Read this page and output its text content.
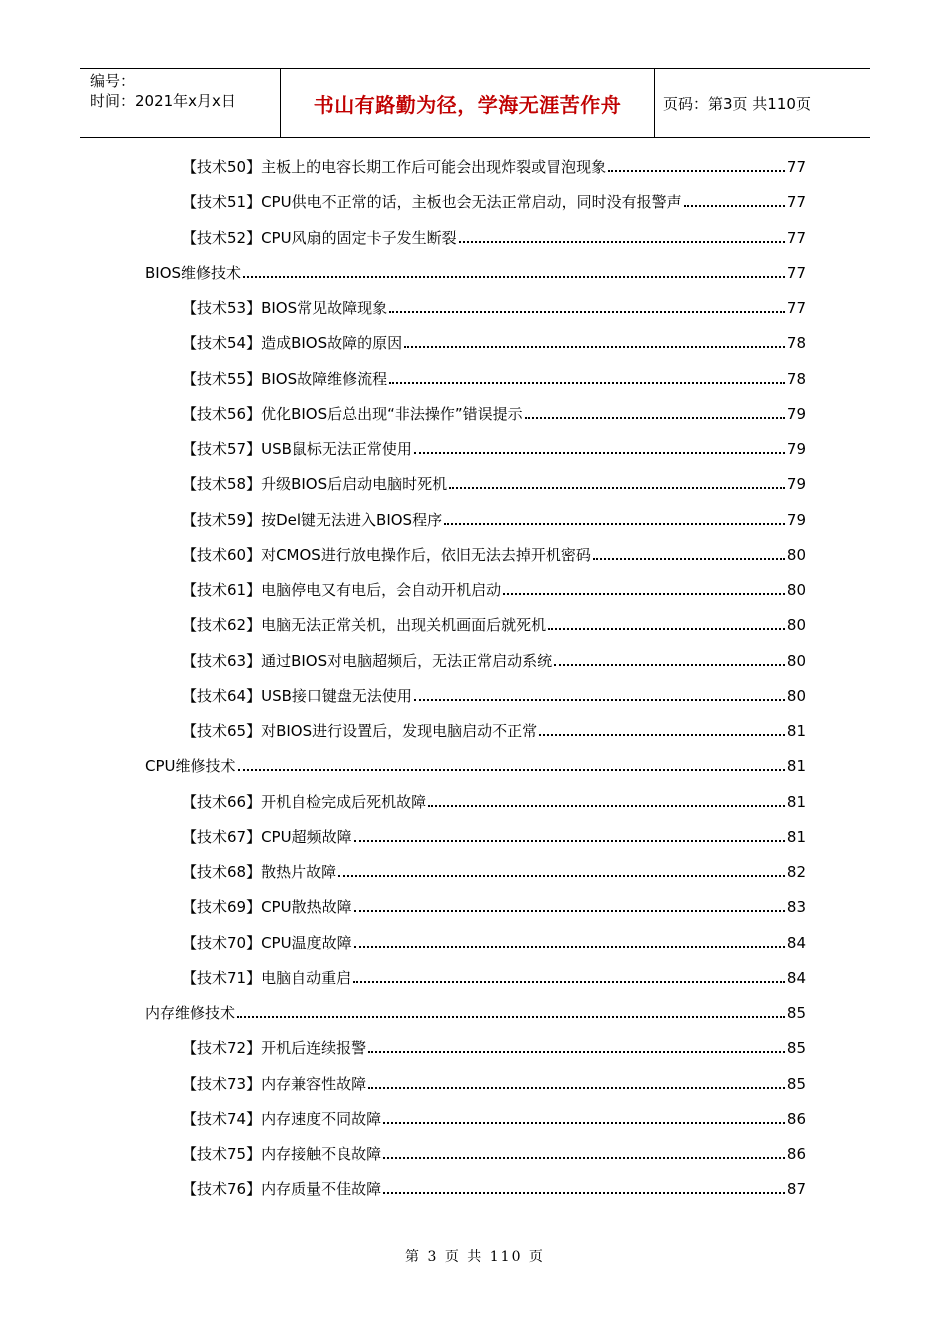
编号：
时间：2021年x月x日	书山有路勤为径，学海无涯苦作舟	页码：第3页 共110页
【技术50】主板上的电容长期工作后可能会出现炸裂或冒泡现象	77
【技术51】CPU供电不正常的话，主板也会无法正常启动，同时没有报警声	77
【技术52】CPU风扇的固定卡子发生断裂	77
BIOS维修技术	77
【技术53】BIOS常见故障现象	77
【技术54】造成BIOS故障的原因	78
【技术55】BIOS故障维修流程	78
【技术56】优化BIOS后总出现“非法操作”错误提示	79
【技术57】USB鼠标无法正常使用	79
【技术58】升级BIOS后启动电脑时死机	79
【技术59】按Del键无法进入BIOS程序	79
【技术60】对CMOS进行放电操作后，依旧无法去掉开机密码	80
【技术61】电脑停电又有电后，会自动开机启动	80
【技术62】电脑无法正常关机，出现关机画面后就死机	80
【技术63】通过BIOS对电脑超频后，无法正常启动系统	80
【技术64】USB接口键盘无法使用	80
【技术65】对BIOS进行设置后，发现电脑启动不正常	81
CPU维修技术	81
【技术66】开机自检完成后死机故障	81
【技术67】CPU超频故障	81
【技术68】散热片故障	82
【技术69】CPU散热故障	83
【技术70】CPU温度故障	84
【技术71】电脑自动重启	84
内存维修技术	85
【技术72】开机后连续报警	85
【技术73】内存兼容性故障	85
【技术74】内存速度不同故障	86
【技术75】内存接触不良故障	86
【技术76】内存质量不佳故障	87
第 3 页 共 110 页
